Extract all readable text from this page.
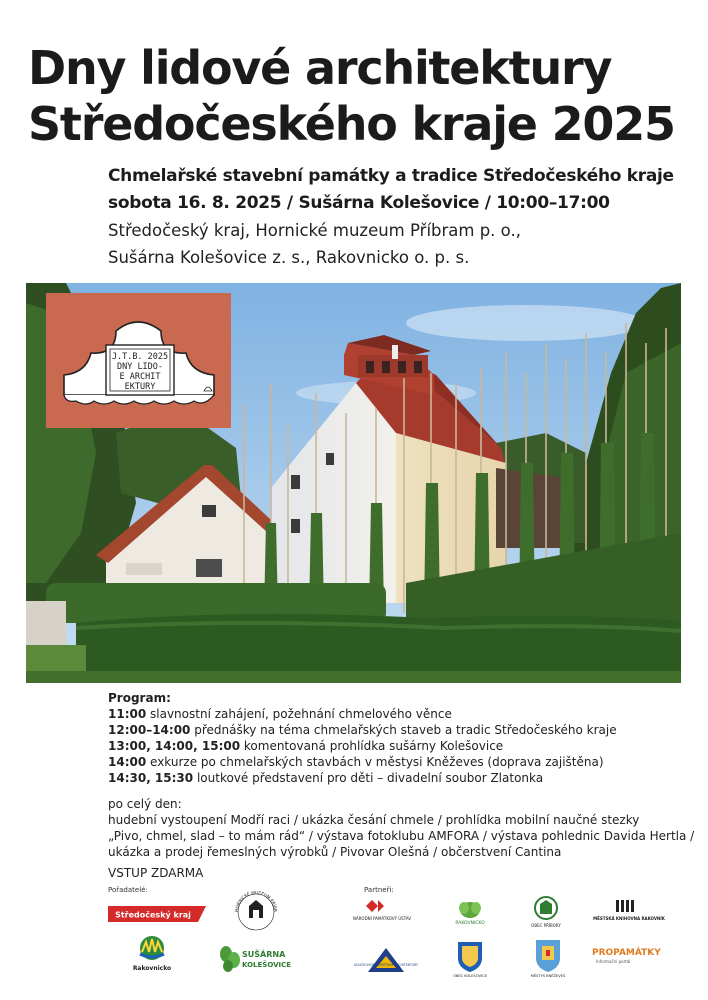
Dny lidové architektury
Středočeského kraje 2025
Chmelařské stavební památky a tradice Středočeského kraje
sobota 16. 8. 2025 / Sušárna Kolešovice / 10:00–17:00
Středočeský kraj, Hornické muzeum Příbram p. o.,
Sušárna Kolešovice z. s., Rakovnicko o. p. s.
J.T.B. 2025
DNY LIDO-
E ARCHIT
EKTURY
Program:
11:00 slavnostní zahájení, požehnání chmelového věnce
12:00–14:00 přednášky na téma chmelařských staveb a tradic Středočeského kraje
13:00, 14:00, 15:00 komentovaná prohlídka sušárny Kolešovice
14:00 exkurze po chmelařských stavbách v městysi Kněževes (doprava zajištěna)
14:30, 15:30 loutkové představení pro děti – divadelní soubor Zlatonka
po celý den:
hudební vystoupení Modří raci / ukázka česání chmele / prohlídka mobilní naučné stezky
„Pivo, chmel, slad – to mám rád“ / výstava fotoklubu AMFORA / výstava pohlednic Davida Hertla /
ukázka a prodej řemeslných výrobků / Pivovar Olešná / občerstvení Cantina
VSTUP ZDARMA
Pořadatelé:
Středočeský kraj
HORNICKÉ MUZEUM PŘÍBR
Rakovnicko
SUŠÁRNA
KOLEŠOVICE
Partneři:
NÁRODNÍ PAMÁTKOVÝ ÚSTAV
RAKOVNICKO	OBEC PŘÍBORY
MĚSTSKÁ KNIHOVNA RAKOVNÍK
KOLEŠOVICKÉ CENTRUM ARCHITEKTURY
OBEC KOLEŠOVICE	MĚSTYS KNĚŽEVES
PROPAMÁTKY
Informační portál
